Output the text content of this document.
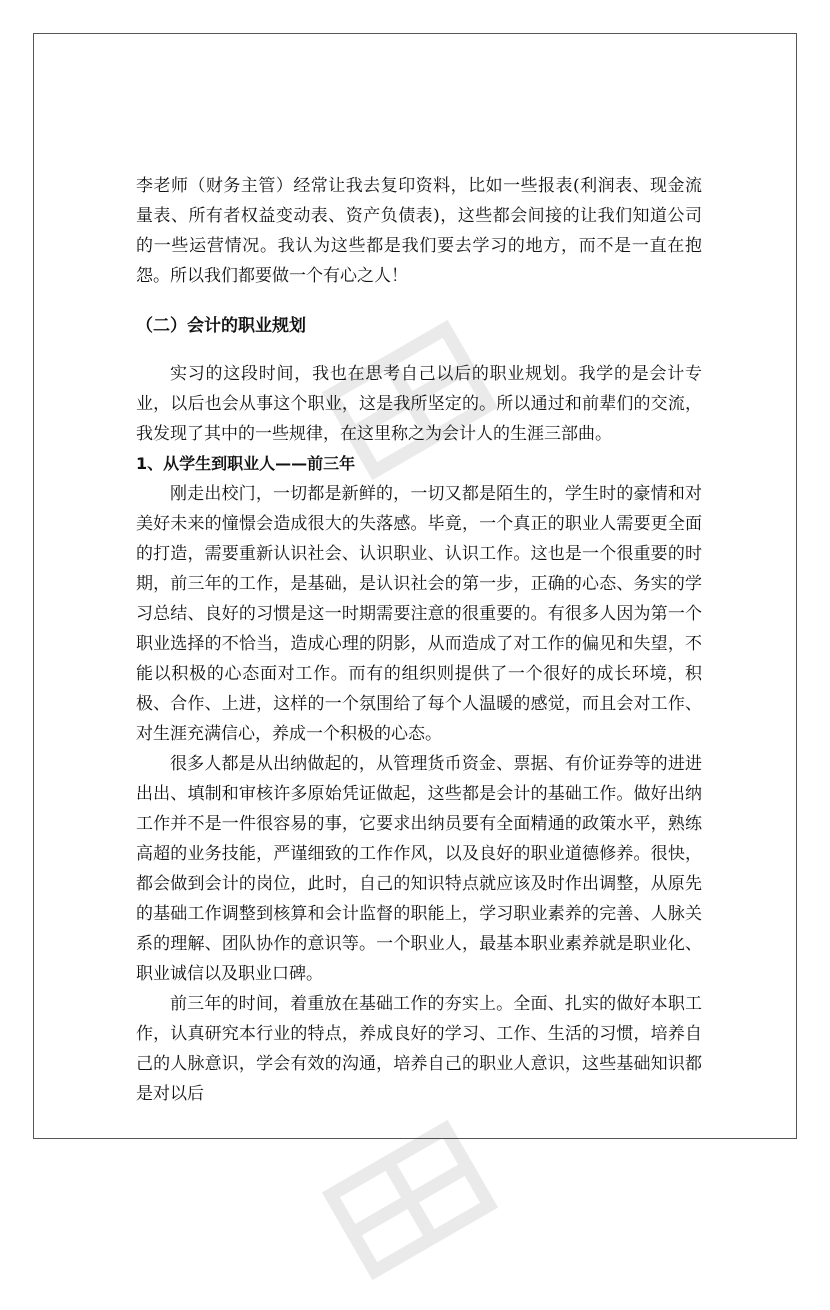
李老师（财务主管）经常让我去复印资料，比如一些报表(利润表、现金流量表、所有者权益变动表、资产负债表)，这些都会间接的让我们知道公司的一些运营情况。我认为这些都是我们要去学习的地方，而不是一直在抱怨。所以我们都要做一个有心之人！

（二）会计的职业规划

实习的这段时间，我也在思考自己以后的职业规划。我学的是会计专业，以后也会从事这个职业，这是我所坚定的。所以通过和前辈们的交流，我发现了其中的一些规律，在这里称之为会计人的生涯三部曲。

1、从学生到职业人——前三年

刚走出校门，一切都是新鲜的，一切又都是陌生的，学生时的豪情和对美好未来的憧憬会造成很大的失落感。毕竟，一个真正的职业人需要更全面的打造，需要重新认识社会、认识职业、认识工作。这也是一个很重要的时期，前三年的工作，是基础，是认识社会的第一步，正确的心态、务实的学习总结、良好的习惯是这一时期需要注意的很重要的。有很多人因为第一个职业选择的不恰当，造成心理的阴影，从而造成了对工作的偏见和失望，不能以积极的心态面对工作。而有的组织则提供了一个很好的成长环境，积极、合作、上进，这样的一个氛围给了每个人温暖的感觉，而且会对工作、对生涯充满信心，养成一个积极的心态。

很多人都是从出纳做起的，从管理货币资金、票据、有价证券等的进进出出、填制和审核许多原始凭证做起，这些都是会计的基础工作。做好出纳工作并不是一件很容易的事，它要求出纳员要有全面精通的政策水平，熟练高超的业务技能，严谨细致的工作作风，以及良好的职业道德修养。很快，都会做到会计的岗位，此时，自己的知识特点就应该及时作出调整，从原先的基础工作调整到核算和会计监督的职能上，学习职业素养的完善、人脉关系的理解、团队协作的意识等。一个职业人，最基本职业素养就是职业化、职业诚信以及职业口碑。

前三年的时间，着重放在基础工作的夯实上。全面、扎实的做好本职工作，认真研究本行业的特点，养成良好的学习、工作、生活的习惯，培养自己的人脉意识，学会有效的沟通，培养自己的职业人意识，这些基础知识都是对以后
